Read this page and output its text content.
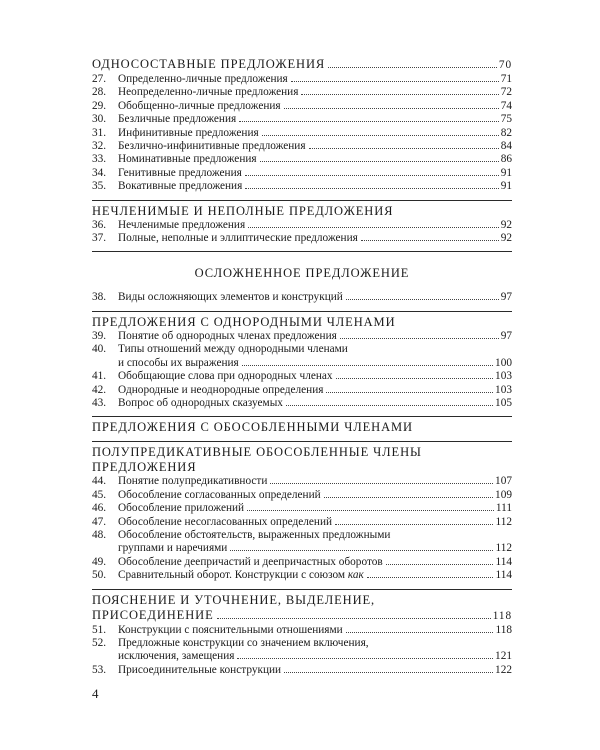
ОДНОСОСТАВНЫЕ ПРЕДЛОЖЕНИЯ	70
27.	Определенно-личные предложения	71
28.	Неопределенно-личные предложения	72
29.	Обобщенно-личные предложения	74
30.	Безличные предложения	75
31.	Инфинитивные предложения	82
32.	Безлично-инфинитивные предложения	84
33.	Номинативные предложения	86
34.	Генитивные предложения	91
35.	Вокативные предложения	91
НЕЧЛЕНИМЫЕ И НЕПОЛНЫЕ ПРЕДЛОЖЕНИЯ
36.	Нечленимые предложения	92
37.	Полные, неполные и эллиптические предложения	92
ОСЛОЖНЕННОЕ ПРЕДЛОЖЕНИЕ
38.	Виды осложняющих элементов и конструкций	97
ПРЕДЛОЖЕНИЯ С ОДНОРОДНЫМИ ЧЛЕНАМИ
39.	Понятие об однородных членах предложения	97
40.	Типы отношений между однородными членами
и способы их выражения	100
41.	Обобщающие слова при однородных членах	103
42.	Однородные и неоднородные определения	103
43.	Вопрос об однородных сказуемых	105
ПРЕДЛОЖЕНИЯ С ОБОСОБЛЕННЫМИ ЧЛЕНАМИ
ПОЛУПРЕДИКАТИВНЫЕ ОБОСОБЛЕННЫЕ ЧЛЕНЫ
ПРЕДЛОЖЕНИЯ
44.	Понятие полупредикативности	107
45.	Обособление согласованных определений	109
46.	Обособление приложений	111
47.	Обособление несогласованных определений	112
48.	Обособление обстоятельств, выраженных предложными
группами и наречиями	112
49.	Обособление деепричастий и деепричастных оборотов	114
50.	Сравнительный оборот. Конструкции с союзом как	114
ПОЯСНЕНИЕ И УТОЧНЕНИЕ, ВЫДЕЛЕНИЕ,
ПРИСОЕДИНЕНИЕ	118
51.	Конструкции с пояснительными отношениями	118
52.	Предложные конструкции со значением включения,
исключения, замещения	121
53.	Присоединительные конструкции	122
4
